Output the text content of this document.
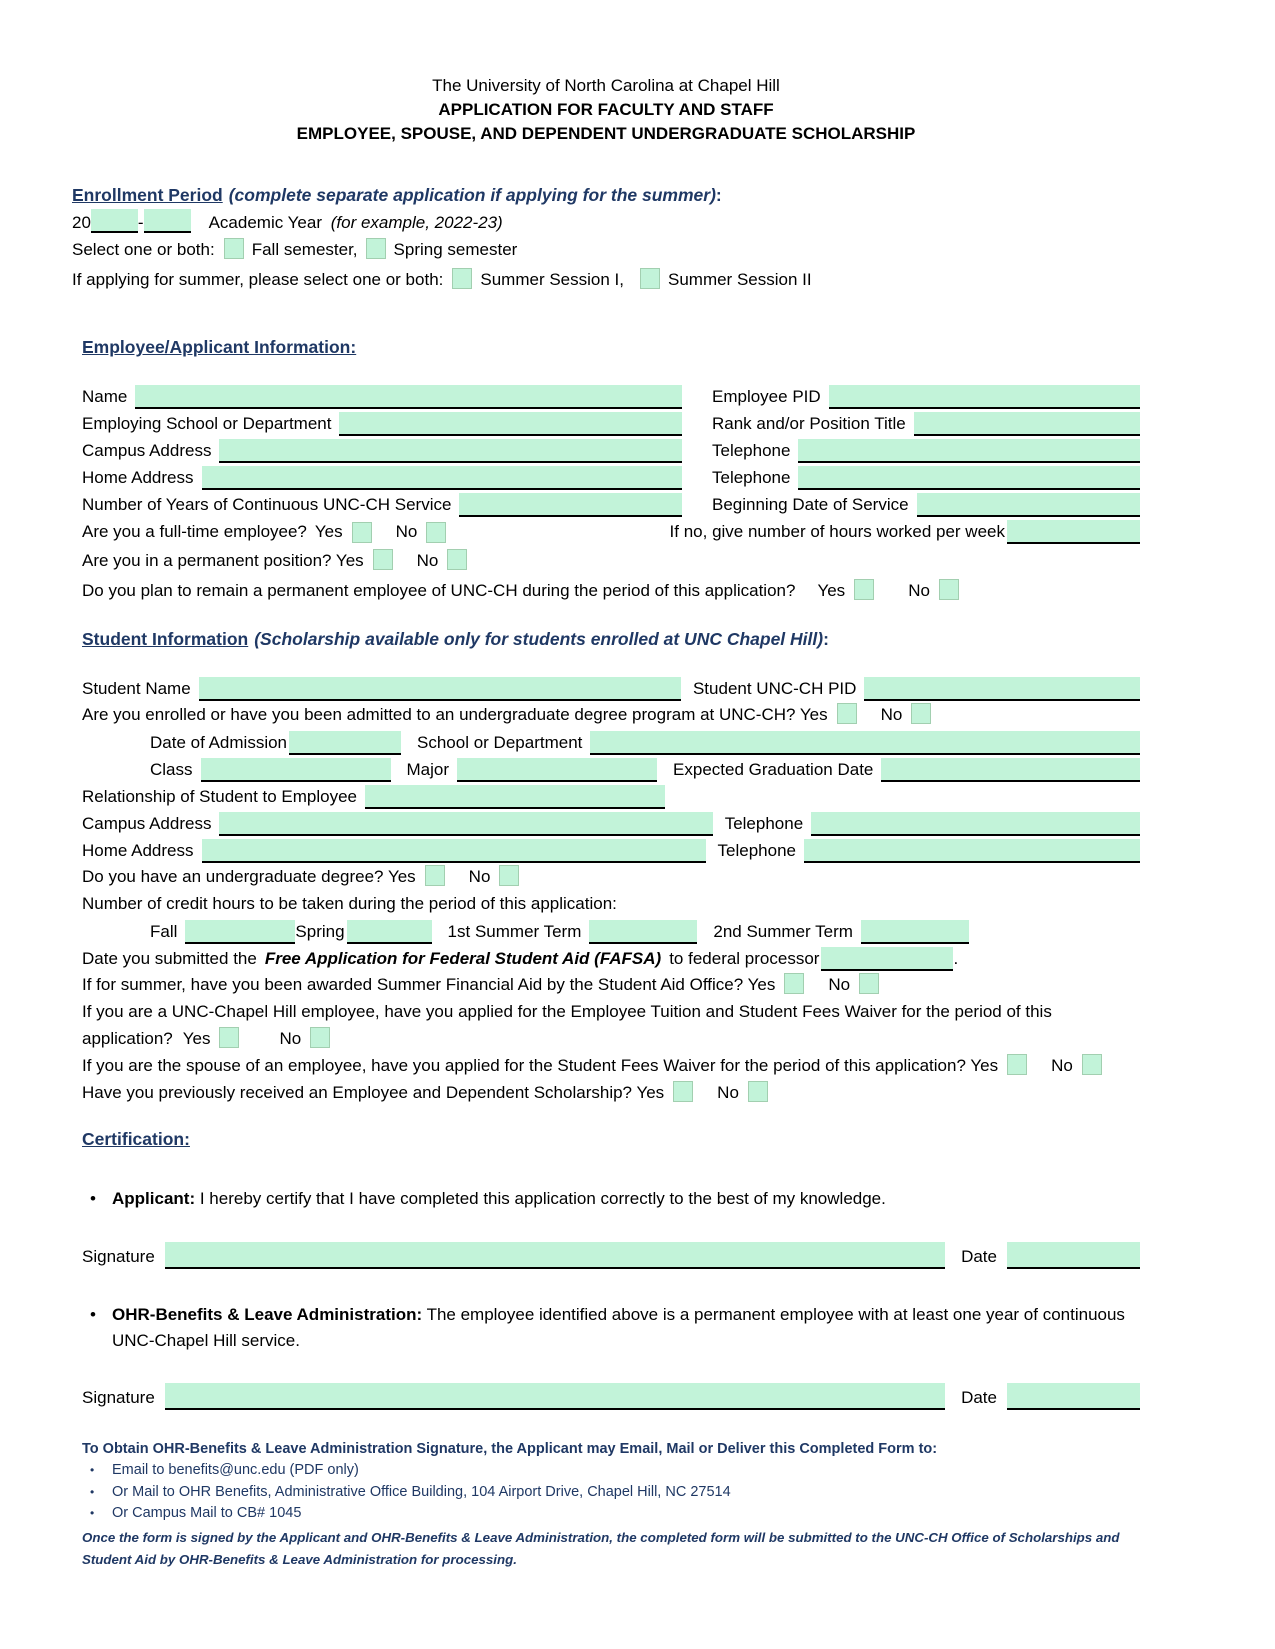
The University of North Carolina at Chapel Hill
APPLICATION FOR FACULTY AND STAFF
EMPLOYEE, SPOUSE, AND DEPENDENT UNDERGRADUATE SCHOLARSHIP
Enrollment Period (complete separate application if applying for the summer):
20	-	Academic Year (for example, 2022-23)
Select one or both: Fall semester, Spring semester
If applying for summer, please select one or both: Summer Session I,	Summer Session II
Employee/Applicant Information:
Name	Employee PID
Employing School or Department	Rank and/or Position Title
Campus Address	Telephone
Home Address	Telephone
Number of Years of Continuous UNC-CH Service	Beginning Date of Service
Are you a full-time employee? Yes	No	If no, give number of hours worked per week
Are you in a permanent position? Yes	No
Do you plan to remain a permanent employee of UNC-CH during the period of this application? Yes	No
Student Information (Scholarship available only for students enrolled at UNC Chapel Hill):
Student Name	Student UNC-CH PID
Are you enrolled or have you been admitted to an undergraduate degree program at UNC-CH? Yes	No
Date of Admission	School or Department
Class	Major	Expected Graduation Date
Relationship of Student to Employee
Campus Address	Telephone
Home Address	Telephone
Do you have an undergraduate degree? Yes	No
Number of credit hours to be taken during the period of this application:
Fall	Spring	1st Summer Term	2nd Summer Term
Date you submitted the Free Application for Federal Student Aid (FAFSA) to federal processor	.
If for summer, have you been awarded Summer Financial Aid by the Student Aid Office? Yes	No
If you are a UNC-Chapel Hill employee, have you applied for the Employee Tuition and Student Fees Waiver for the period of this application? Yes	No
If you are the spouse of an employee, have you applied for the Student Fees Waiver for the period of this application? Yes	No
Have you previously received an Employee and Dependent Scholarship? Yes	No
Certification:
• Applicant: I hereby certify that I have completed this application correctly to the best of my knowledge.
Signature	Date
• OHR-Benefits & Leave Administration: The employee identified above is a permanent employee with at least one year of continuous UNC-Chapel Hill service.
Signature	Date
To Obtain OHR-Benefits & Leave Administration Signature, the Applicant may Email, Mail or Deliver this Completed Form to:
•	Email to benefits@unc.edu (PDF only)
•	Or Mail to OHR Benefits, Administrative Office Building, 104 Airport Drive, Chapel Hill, NC 27514
•	Or Campus Mail to CB# 1045
Once the form is signed by the Applicant and OHR-Benefits & Leave Administration, the completed form will be submitted to the UNC-CH Office of Scholarships and Student Aid by OHR-Benefits & Leave Administration for processing.
